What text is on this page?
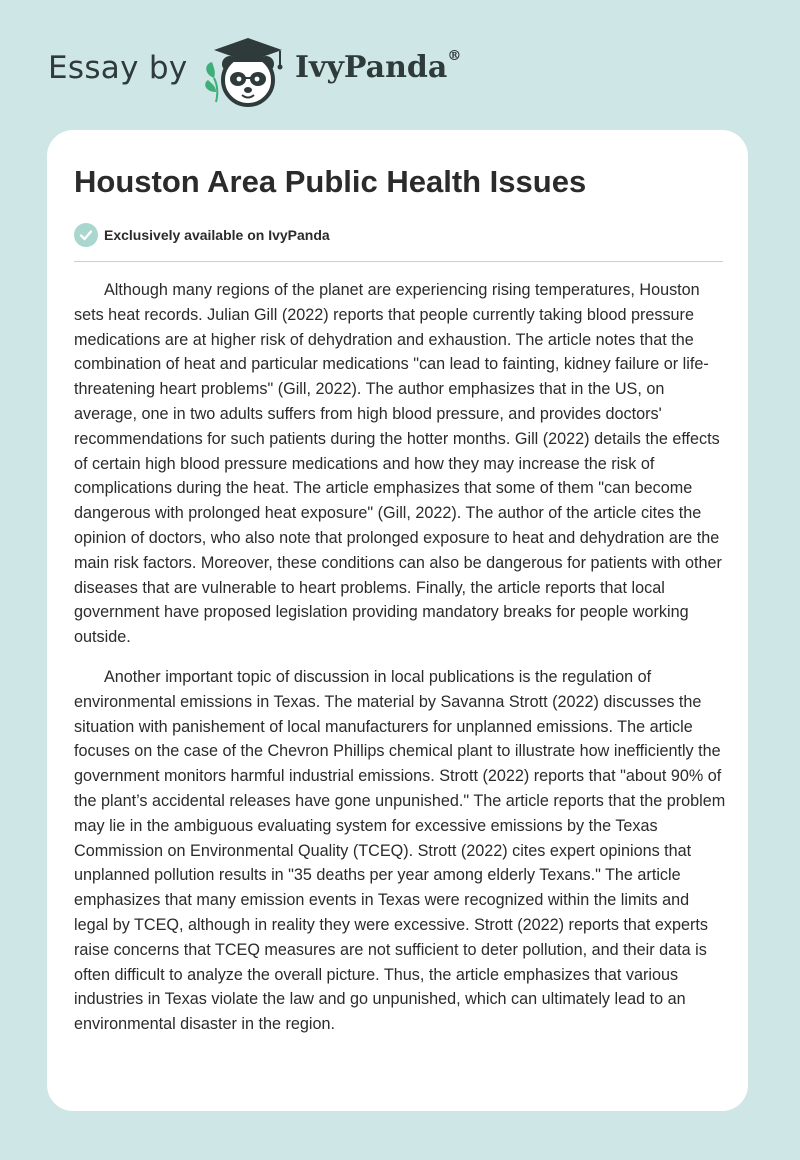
Essay by	IvyPanda®
Houston Area Public Health Issues
Exclusively available on IvyPanda

Although many regions of the planet are experiencing rising temperatures, Houston sets heat records. Julian Gill (2022) reports that people currently taking blood pressure medications are at higher risk of dehydration and exhaustion. The article notes that the combination of heat and particular medications "can lead to fainting, kidney failure or life-threatening heart problems" (Gill, 2022). The author emphasizes that in the US, on average, one in two adults suffers from high blood pressure, and provides doctors' recommendations for such patients during the hotter months. Gill (2022) details the effects of certain high blood pressure medications and how they may increase the risk of complications during the heat. The article emphasizes that some of them "can become dangerous with prolonged heat exposure" (Gill, 2022). The author of the article cites the opinion of doctors, who also note that prolonged exposure to heat and dehydration are the main risk factors. Moreover, these conditions can also be dangerous for patients with other diseases that are vulnerable to heart problems. Finally, the article reports that local government have proposed legislation providing mandatory breaks for people working outside.

Another important topic of discussion in local publications is the regulation of environmental emissions in Texas. The material by Savanna Strott (2022) discusses the situation with panishement of local manufacturers for unplanned emissions. The article focuses on the case of the Chevron Phillips chemical plant to illustrate how inefficiently the government monitors harmful industrial emissions. Strott (2022) reports that "about 90% of the plant’s accidental releases have gone unpunished." The article reports that the problem may lie in the ambiguous evaluating system for excessive emissions by the Texas Commission on Environmental Quality (TCEQ). Strott (2022) cites expert opinions that unplanned pollution results in "35 deaths per year among elderly Texans." The article emphasizes that many emission events in Texas were recognized within the limits and legal by TCEQ, although in reality they were excessive. Strott (2022) reports that experts raise concerns that TCEQ measures are not sufficient to deter pollution, and their data is often difficult to analyze the overall picture. Thus, the article emphasizes that various industries in Texas violate the law and go unpunished, which can ultimately lead to an environmental disaster in the region.
